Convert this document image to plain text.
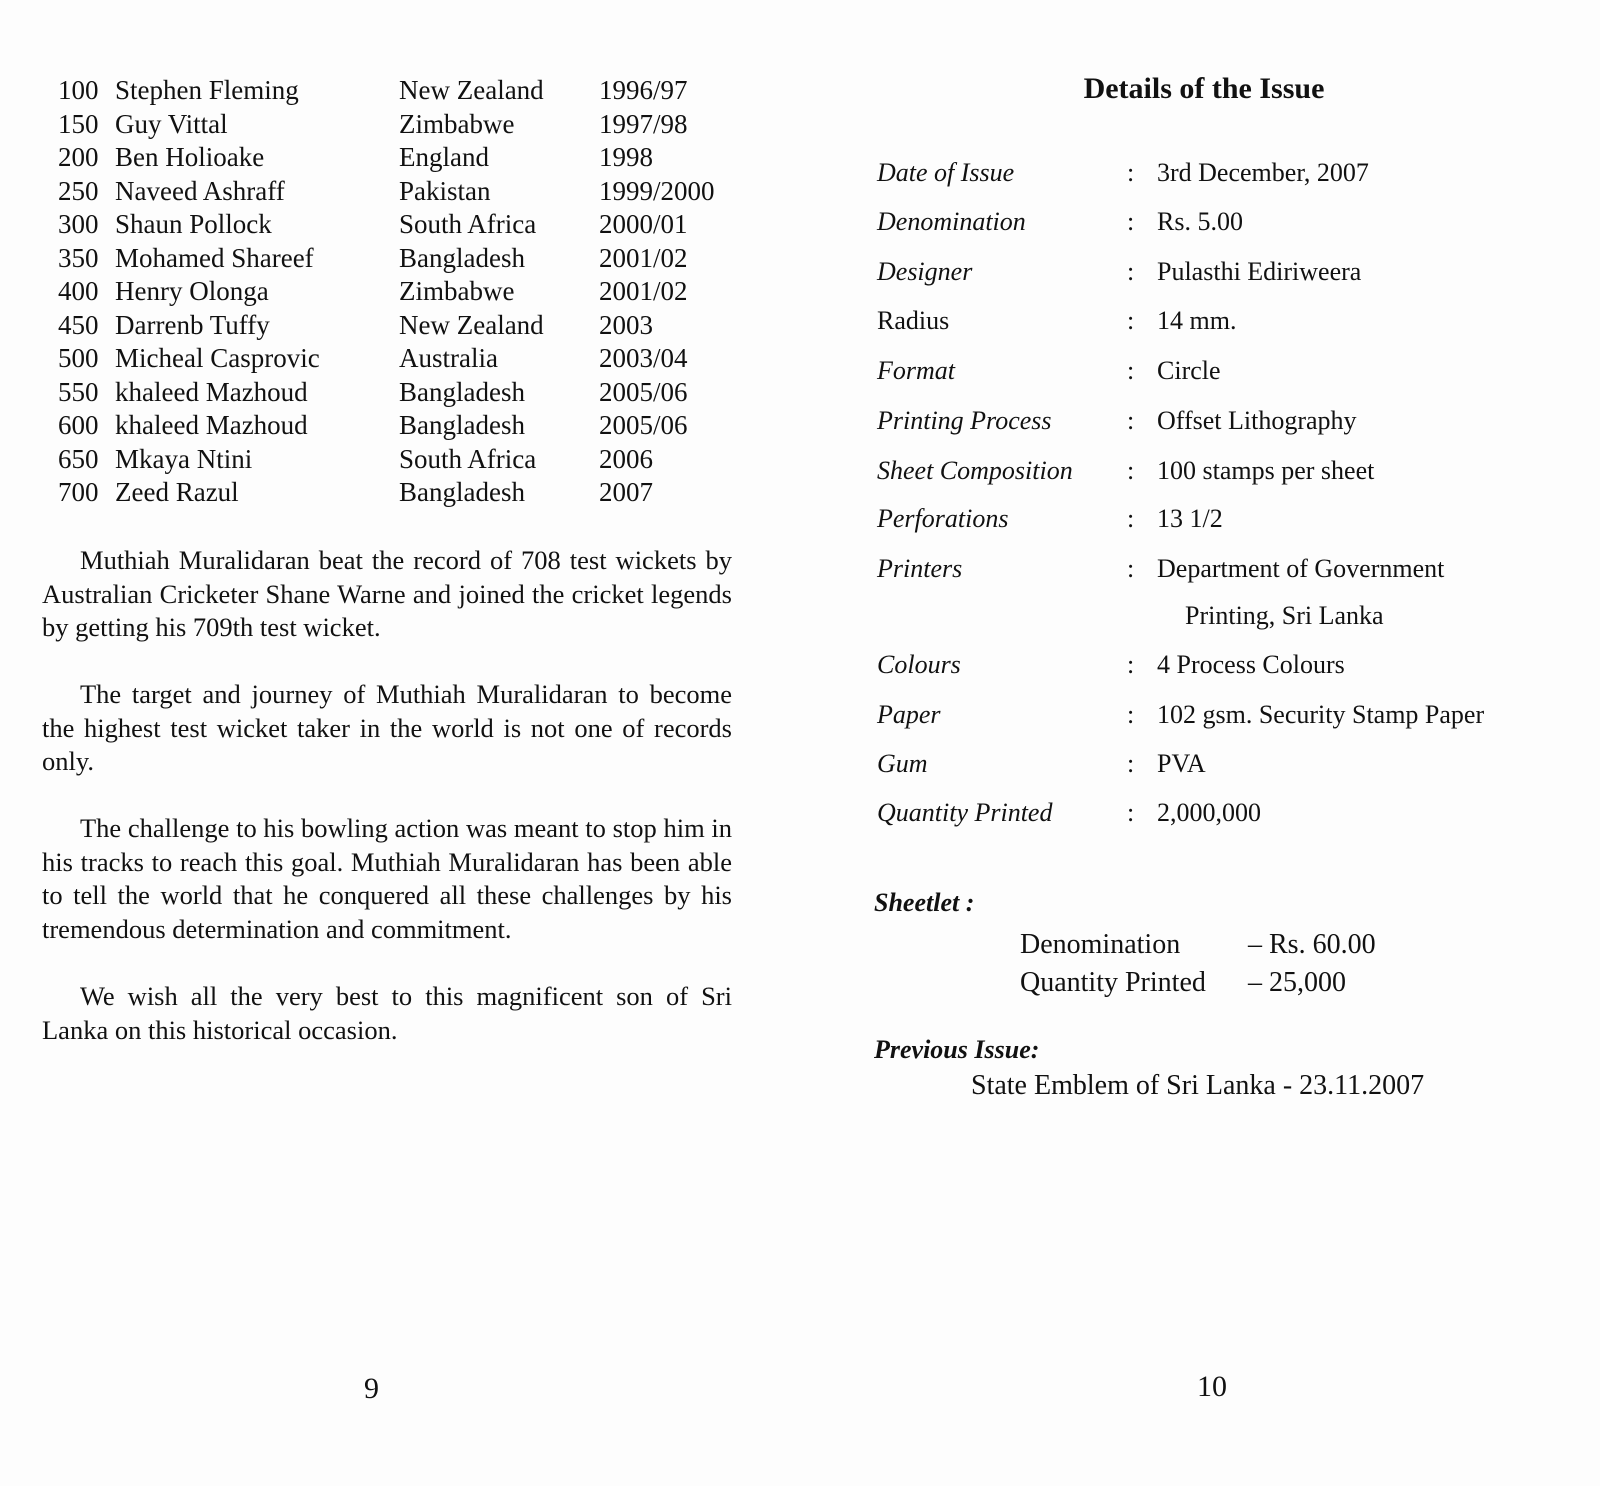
100 Stephen Fleming	New Zealand 1996/97
150 Guy Vittal	Zimbabwe	1997/98
200 Ben Holioake	England	1998
250 Naveed Ashraff	Pakistan	1999/2000
300 Shaun Pollock	South Africa 2000/01
350 Mohamed Shareef	Bangladesh	2001/02
400 Henry Olonga	Zimbabwe	2001/02
450 Darrenb Tuffy	New Zealand 2003
500 Micheal Casprovic	Australia	2003/04
550 khaleed Mazhoud	Bangladesh	2005/06
600 khaleed Mazhoud	Bangladesh	2005/06
650 Mkaya Ntini	South Africa 2006
700 Zeed Razul	Bangladesh	2007

Muthiah Muralidaran beat the record of 708 test wickets by Australian Cricketer Shane Warne and joined the cricket legends by getting his 709th test wicket.

The target and journey of Muthiah Muralidaran to become the highest test wicket taker in the world is not one of records only.

The challenge to his bowling action was meant to stop him in his tracks to reach this goal. Muthiah Muralidaran has been able to tell the world that he conquered all these challenges by his tremendous determination and commitment.

We wish all the very best to this magnificent son of Sri Lanka on this historical occasion.

9
Details of the Issue
Date of Issue	: 3rd December, 2007
Denomination	: Rs. 5.00
Designer	: Pulasthi Ediriweera
Radius	: 14 mm.
Format	: Circle
Printing Process	: Offset Lithography
Sheet Composition : 100 stamps per sheet
Perforations	: 13 1/2
Printers	: Department of Government
Printing, Sri Lanka
Colours	: 4 Process Colours
Paper	: 102 gsm. Security Stamp Paper
Gum	: PVA
Quantity Printed	: 2,000,000
Sheetlet :
Denomination – Rs. 60.00
Quantity Printed – 25,000
Previous Issue:
State Emblem of Sri Lanka - 23.11.2007
10
